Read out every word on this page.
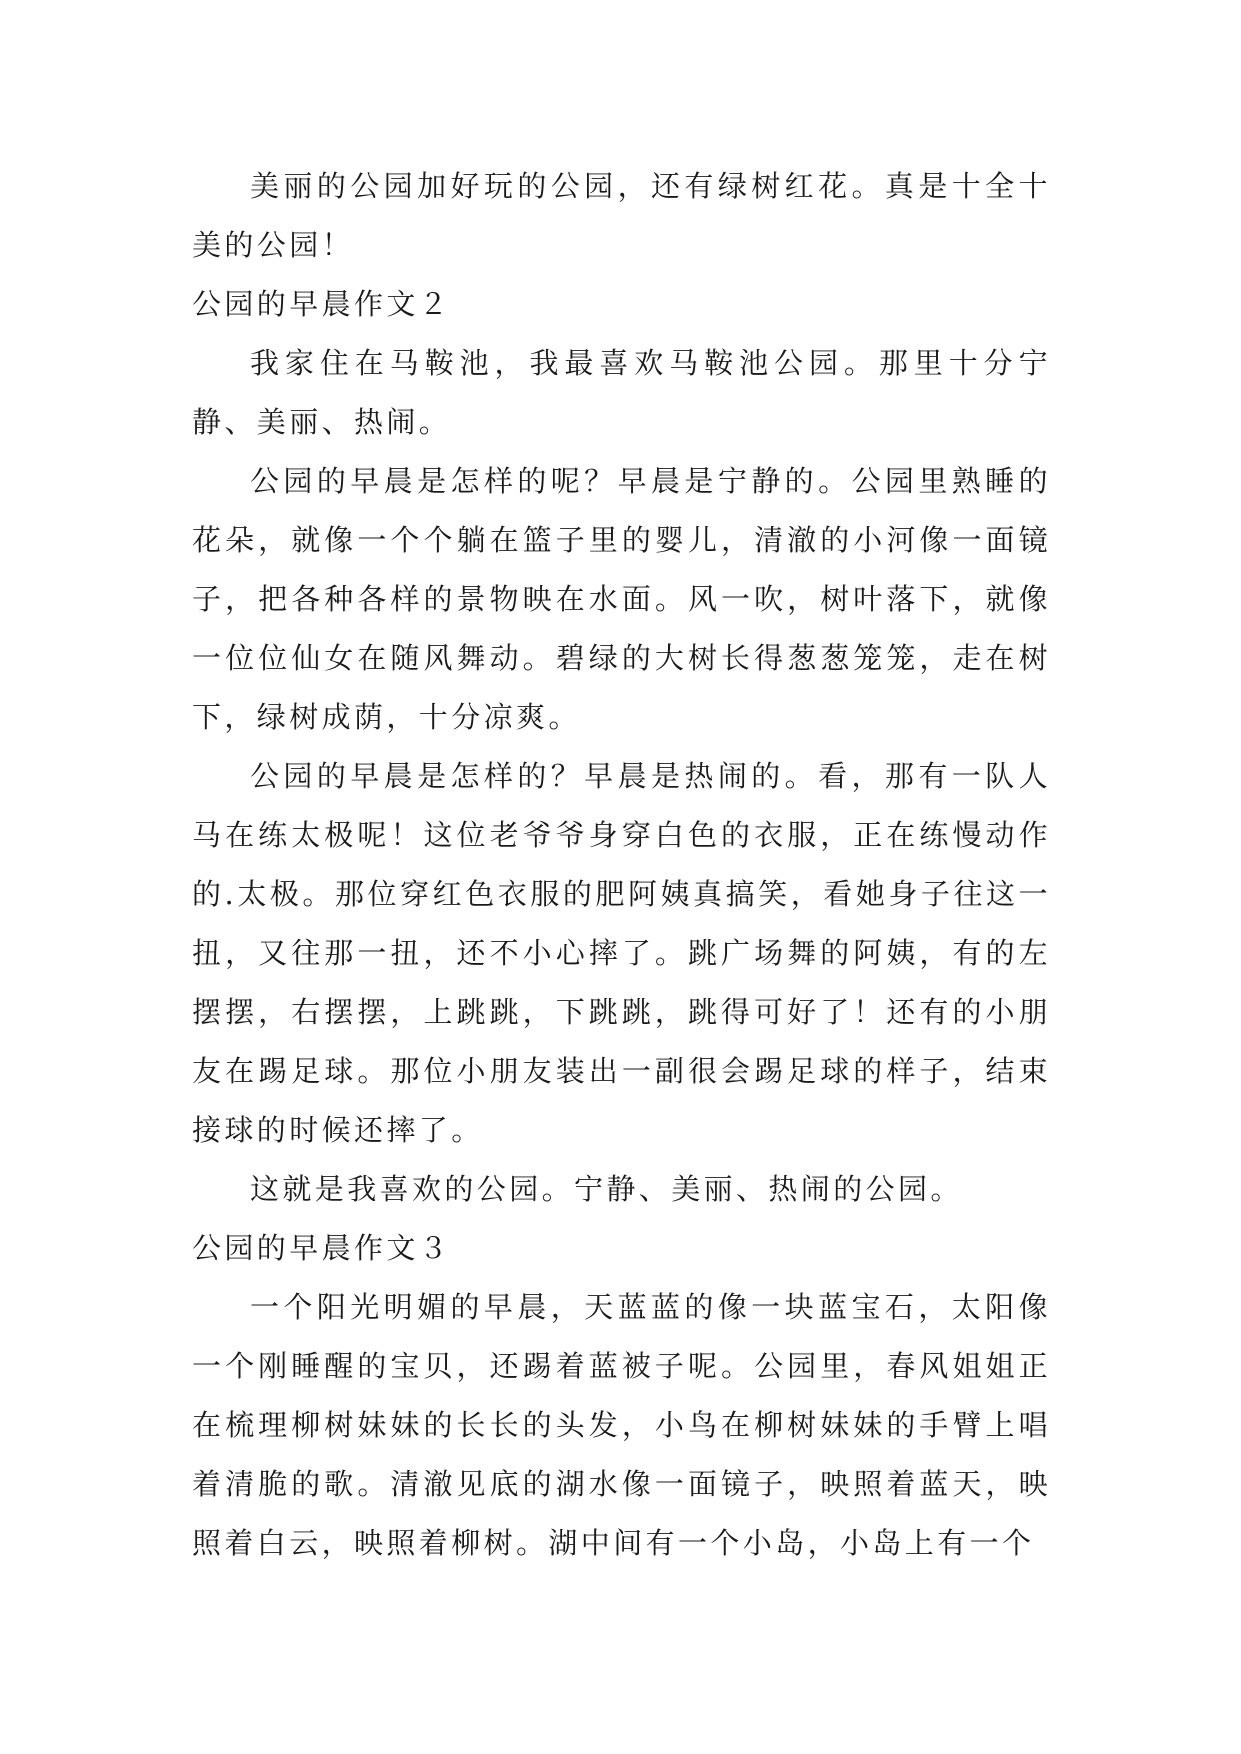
美丽的公园加好玩的公园，还有绿树红花。真是十全十美的公园！

公园的早晨作文２

我家住在马鞍池，我最喜欢马鞍池公园。那里十分宁静、美丽、热闹。

公园的早晨是怎样的呢？早晨是宁静的。公园里熟睡的花朵，就像一个个躺在篮子里的婴儿，清澈的小河像一面镜子，把各种各样的景物映在水面。风一吹，树叶落下，就像一位位仙女在随风舞动。碧绿的大树长得葱葱笼笼，走在树下，绿树成荫，十分凉爽。

公园的早晨是怎样的？早晨是热闹的。看，那有一队人马在练太极呢！这位老爷爷身穿白色的衣服，正在练慢动作的.太极。那位穿红色衣服的肥阿姨真搞笑，看她身子往这一扭，又往那一扭，还不小心摔了。跳广场舞的阿姨，有的左摆摆，右摆摆，上跳跳，下跳跳，跳得可好了！还有的小朋友在踢足球。那位小朋友装出一副很会踢足球的样子，结束接球的时候还摔了。

这就是我喜欢的公园。宁静、美丽、热闹的公园。

公园的早晨作文３

一个阳光明媚的早晨，天蓝蓝的像一块蓝宝石，太阳像一个刚睡醒的宝贝，还踢着蓝被子呢。公园里，春风姐姐正在梳理柳树妹妹的长长的头发，小鸟在柳树妹妹的手臂上唱着清脆的歌。清澈见底的湖水像一面镜子，映照着蓝天，映照着白云，映照着柳树。湖中间有一个小岛，小岛上有一个
